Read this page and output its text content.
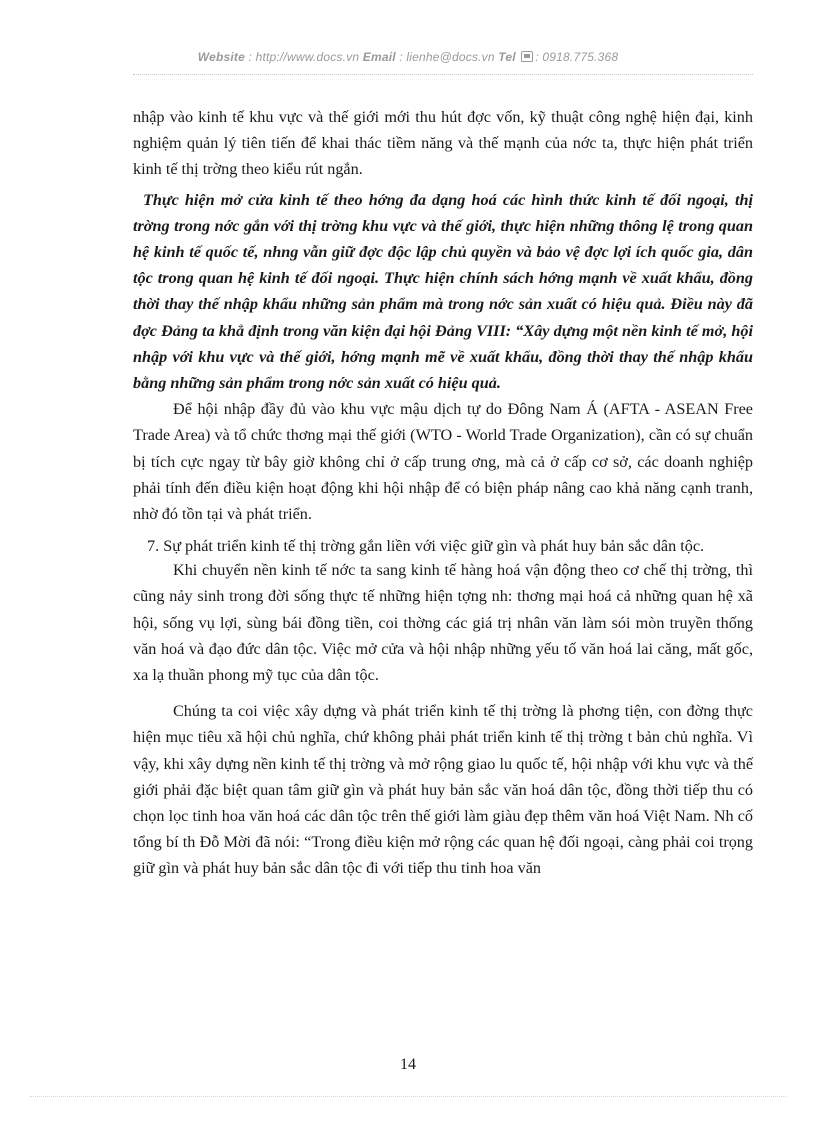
Website : http://www.docs.vn Email : lienhe@docs.vn Tel : 0918.775.368

nhập vào kinh tế khu vực và thế giới mới thu hút đợc vốn, kỹ thuật công nghệ hiện đại, kinh nghiệm quản lý tiên tiến để khai thác tiềm năng và thế mạnh của nớc ta, thực hiện phát triển kinh tế thị trờng theo kiểu rút ngắn.

Thực hiện mở cửa kinh tế theo hớng đa dạng hoá các hình thức kinh tế đối ngoại, thị trờng trong nớc gắn với thị trờng khu vực và thế giới, thực hiện những thông lệ trong quan hệ kinh tế quốc tế, nhng vẫn giữ đợc độc lập chủ quyền và bảo vệ đợc lợi ích quốc gia, dân tộc trong quan hệ kinh tế đối ngoại. Thực hiện chính sách hớng mạnh về xuất khẩu, đồng thời thay thế nhập khẩu những sản phẩm mà trong nớc sản xuất có hiệu quả. Điều này đã đợc Đảng ta khẳ định trong văn kiện đại hội Đảng VIII: “Xây dựng một nền kinh tế mở, hội nhập với khu vực và thế giới, hớng mạnh mẽ về xuất khẩu, đồng thời thay thế nhập khẩu bằng những sản phẩm trong nớc sản xuất có hiệu quả.

Để hội nhập đầy đủ vào khu vực mậu dịch tự do Đông Nam Á (AFTA - ASEAN Free Trade Area) và tổ chức thơng mại thế giới (WTO - World Trade Organization), cần có sự chuẩn bị tích cực ngay từ bây giờ không chỉ ở cấp trung ơng, mà cả ở cấp cơ sở, các doanh nghiệp phải tính đến điều kiện hoạt động khi hội nhập để có biện pháp nâng cao khả năng cạnh tranh, nhờ đó tồn tại và phát triển.

7. Sự phát triển kinh tế thị trờng gắn liền với việc giữ gìn và phát huy bản sắc dân tộc.

Khi chuyển nền kinh tế nớc ta sang kinh tế hàng hoá vận động theo cơ chế thị trờng, thì cũng nảy sinh trong đời sống thực tế những hiện tợng nh: thơng mại hoá cả những quan hệ xã hội, sống vụ lợi, sùng bái đồng tiền, coi thờng các giá trị nhân văn làm sói mòn truyền thống văn hoá và đạo đức dân tộc. Việc mở cửa và hội nhập những yếu tố văn hoá lai căng, mất gốc, xa lạ thuần phong mỹ tục của dân tộc.

Chúng ta coi việc xây dựng và phát triển kinh tế thị trờng là phơng tiện, con đờng thực hiện mục tiêu xã hội chủ nghĩa, chứ không phải phát triển kinh tế thị trờng t bản chủ nghĩa. Vì vậy, khi xây dựng nền kinh tế thị trờng và mở rộng giao lu quốc tế, hội nhập với khu vực và thế giới phải đặc biệt quan tâm giữ gìn và phát huy bản sắc văn hoá dân tộc, đồng thời tiếp thu có chọn lọc tinh hoa văn hoá các dân tộc trên thế giới làm giàu đẹp thêm văn hoá Việt Nam. Nh cố tổng bí th Đỗ Mời đã nói: “Trong điều kiện mở rộng các quan hệ đối ngoại, càng phải coi trọng giữ gìn và phát huy bản sắc dân tộc đi với tiếp thu tinh hoa văn

14
